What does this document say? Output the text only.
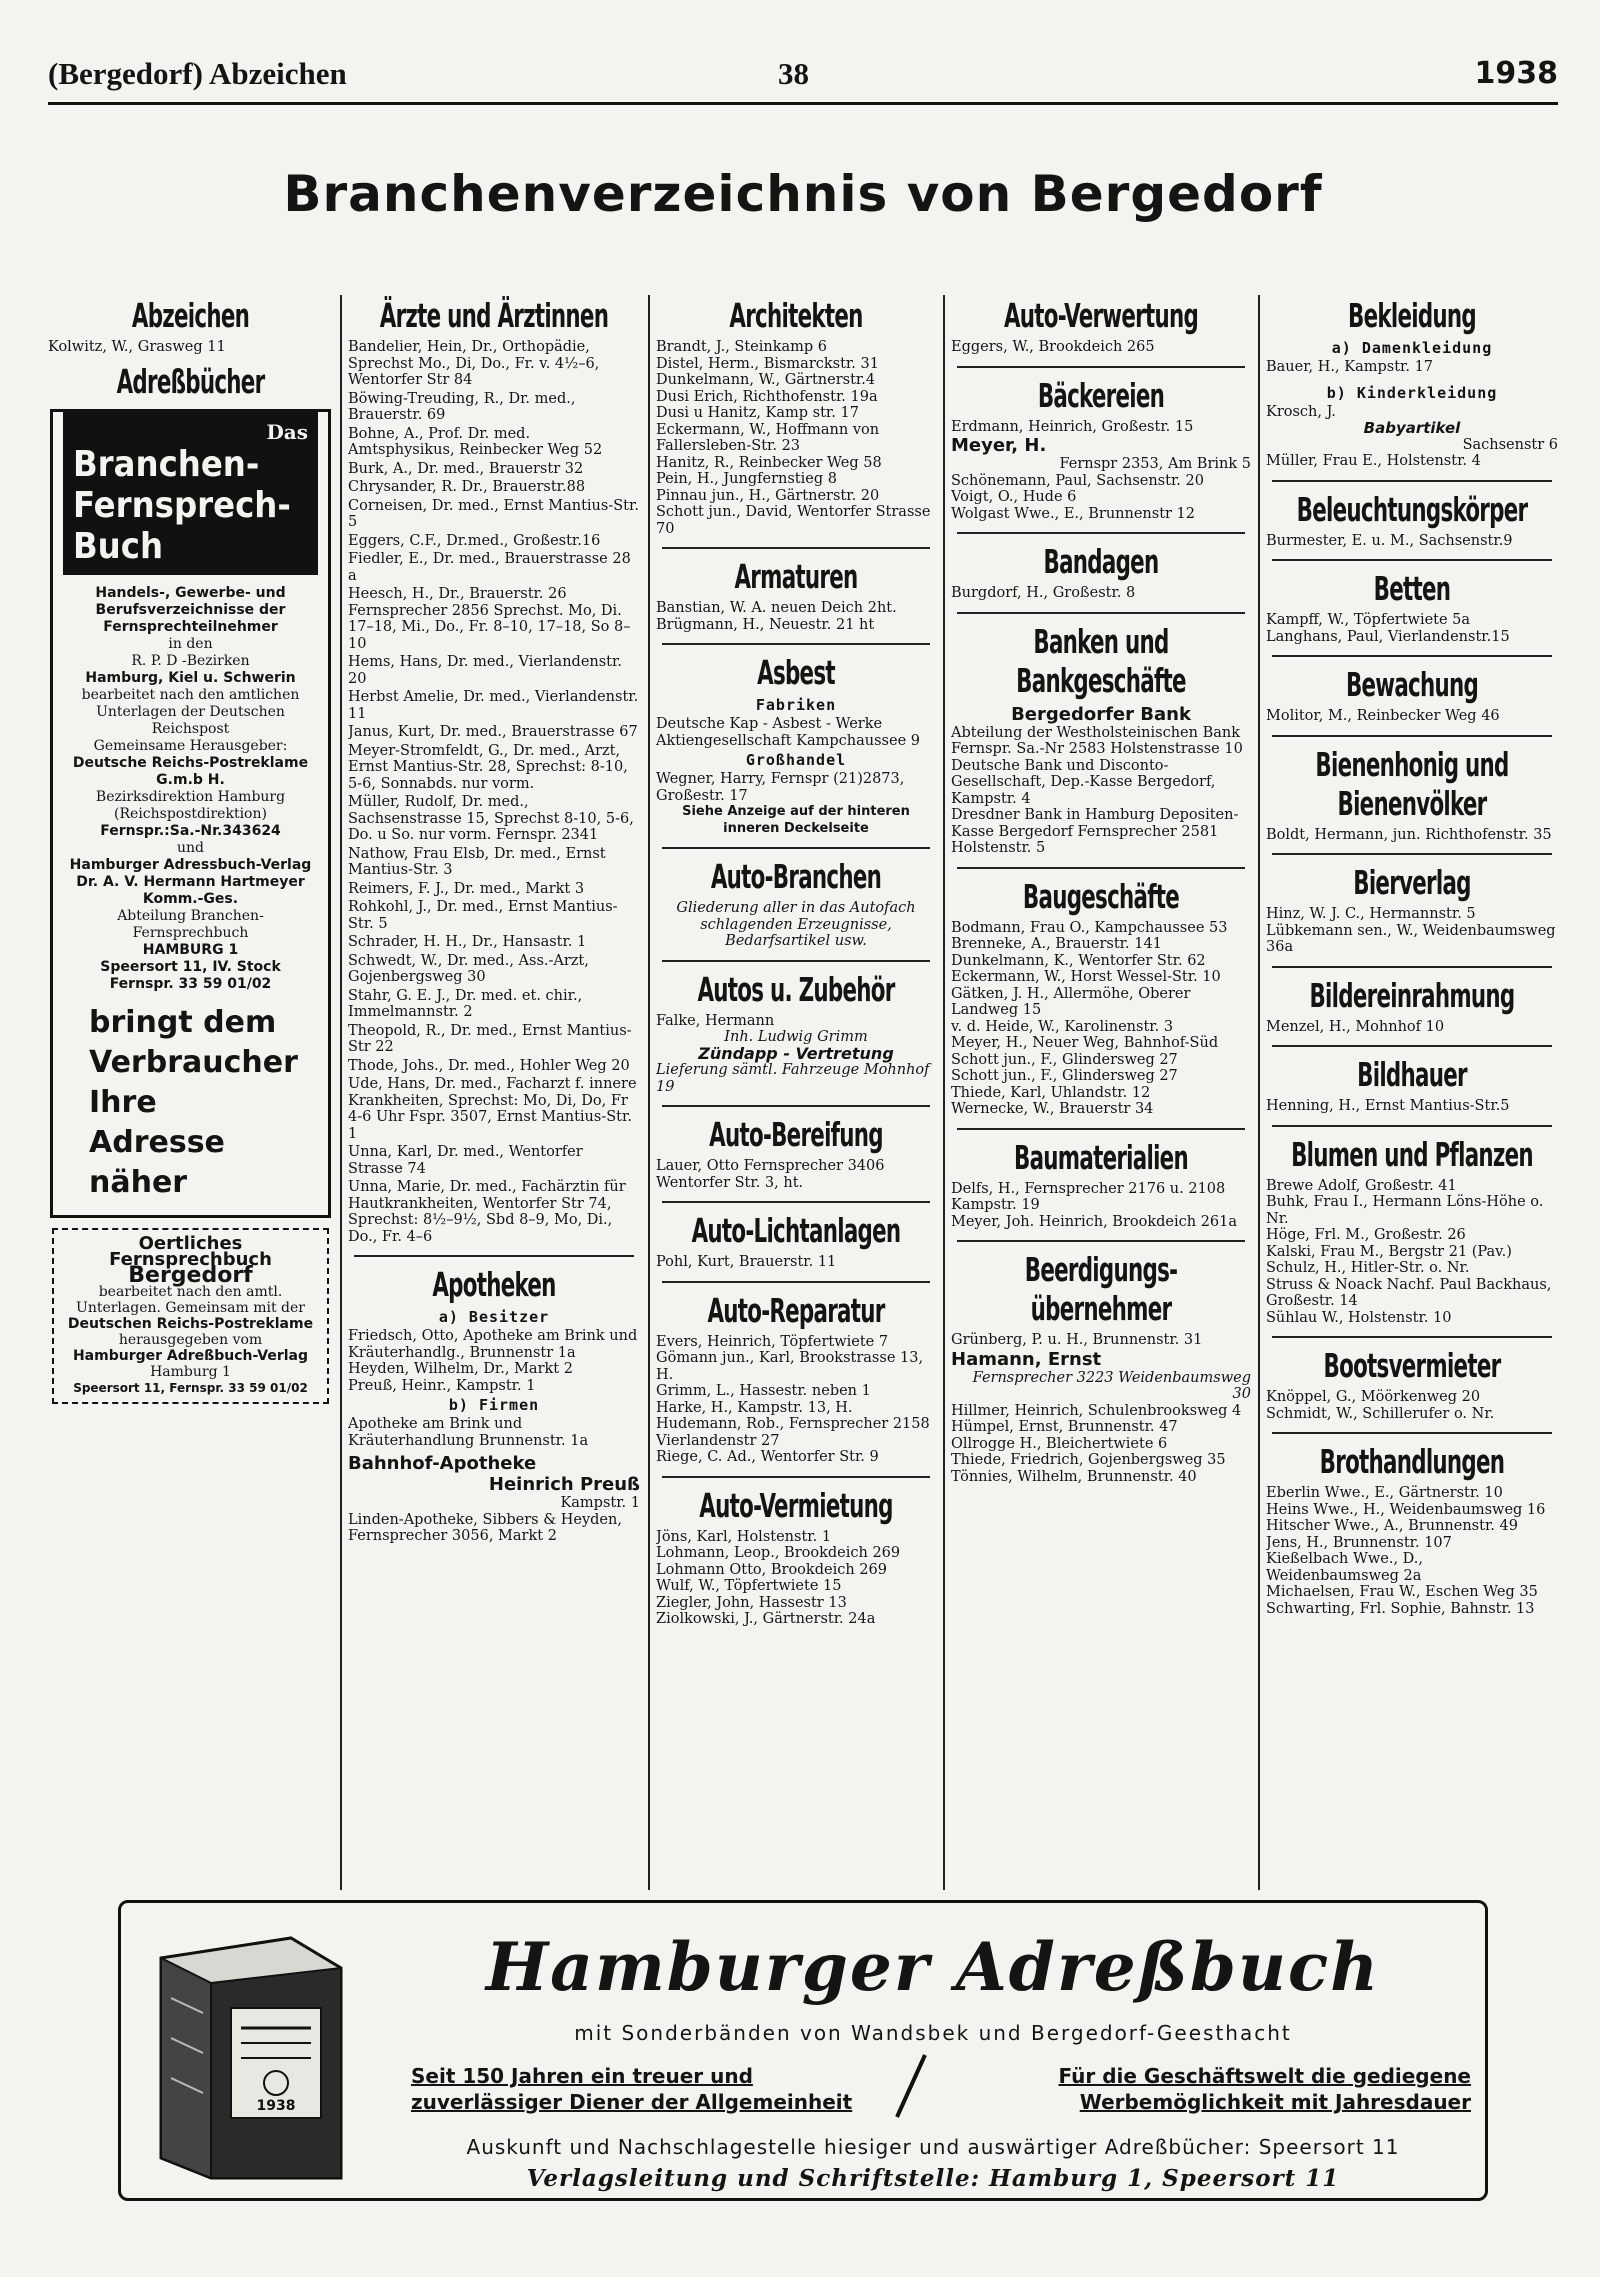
(Bergedorf) Abzeichen	38	1938
Branchenverzeichnis von Bergedorf
Abzeichen

Kolwitz, W., Grasweg 11

Adreßbücher
Das
Branchen-
Fernsprech-
Buch
Handels-, Gewerbe- und Berufsverzeichnisse der Fernsprechteilnehmer
in den
R. P. D -Bezirken
Hamburg, Kiel u. Schwerin
bearbeitet nach den amtlichen Unterlagen der Deutschen Reichspost
Gemeinsame Herausgeber:
Deutsche Reichs-Postreklame G.m.b H.
Bezirksdirektion Hamburg (Reichspostdirektion)
Fernspr.:Sa.-Nr.343624
und
Hamburger Adressbuch-Verlag
Dr. A. V. Hermann Hartmeyer Komm.-Ges.
Abteilung Branchen-Fernsprechbuch
HAMBURG 1
Speersort 11, IV. Stock
Fernspr. 33 59 01/02
bringt dem
Verbraucher
Ihre Adresse
näher
Oertliches Fernsprechbuch
Bergedorf
bearbeitet nach den amtl. Unterlagen. Gemeinsam mit der
Deutschen Reichs-Postreklame
herausgegeben vom
Hamburger Adreßbuch-Verlag
Hamburg 1
Speersort 11, Fernspr. 33 59 01/02
Ärzte und Ärztinnen

Bandelier, Hein, Dr., Orthopädie, Sprechst Mo., Di, Do., Fr. v. 4½–6, Wentorfer Str 84

Böwing-Treuding, R., Dr. med., Brauerstr. 69

Bohne, A., Prof. Dr. med. Amtsphysikus, Reinbecker Weg 52

Burk, A., Dr. med., Brauerstr 32

Chrysander, R. Dr., Brauerstr.88

Corneisen, Dr. med., Ernst Mantius-Str. 5

Eggers, C.F., Dr.med., Großestr.16

Fiedler, E., Dr. med., Brauerstrasse 28 a

Heesch, H., Dr., Brauerstr. 26 Fernsprecher 2856 Sprechst. Mo, Di. 17–18, Mi., Do., Fr. 8–10, 17–18, So 8–10

Hems, Hans, Dr. med., Vierlandenstr. 20

Herbst Amelie, Dr. med., Vierlandenstr. 11

Janus, Kurt, Dr. med., Brauerstrasse 67

Meyer-Stromfeldt, G., Dr. med., Arzt, Ernst Mantius-Str. 28, Sprechst: 8-10, 5-6, Sonnabds. nur vorm.

Müller, Rudolf, Dr. med., Sachsenstrasse 15, Sprechst 8-10, 5-6, Do. u So. nur vorm. Fernspr. 2341

Nathow, Frau Elsb, Dr. med., Ernst Mantius-Str. 3

Reimers, F. J., Dr. med., Markt 3

Rohkohl, J., Dr. med., Ernst Mantius-Str. 5

Schrader, H. H., Dr., Hansastr. 1

Schwedt, W., Dr. med., Ass.-Arzt, Gojenbergsweg 30

Stahr, G. E. J., Dr. med. et. chir., Immelmannstr. 2

Theopold, R., Dr. med., Ernst Mantius-Str 22

Thode, Johs., Dr. med., Hohler Weg 20

Ude, Hans, Dr. med., Facharzt f. innere Krankheiten, Sprechst: Mo, Di, Do, Fr 4-6 Uhr Fspr. 3507, Ernst Mantius-Str. 1

Unna, Karl, Dr. med., Wentorfer Strasse 74

Unna, Marie, Dr. med., Fachärztin für Hautkrankheiten, Wentorfer Str 74, Sprechst: 8½–9½, Sbd 8–9, Mo, Di., Do., Fr. 4–6

Apotheken
a) Besitzer

Friedsch, Otto, Apotheke am Brink und Kräuterhandlg., Brunnenstr 1a

Heyden, Wilhelm, Dr., Markt 2

Preuß, Heinr., Kampstr. 1

b) Firmen

Apotheke am Brink und Kräuterhandlung Brunnenstr. 1a

Bahnhof-Apotheke
Heinrich Preuß

Kampstr. 1

Linden-Apotheke, Sibbers & Heyden, Fernsprecher 3056, Markt 2

Architekten

Brandt, J., Steinkamp 6

Distel, Herm., Bismarckstr. 31

Dunkelmann, W., Gärtnerstr.4

Dusi Erich, Richthofenstr. 19a

Dusi u Hanitz, Kamp str. 17

Eckermann, W., Hoffmann von Fallersleben-Str. 23

Hanitz, R., Reinbecker Weg 58

Pein, H., Jungfernstieg 8

Pinnau jun., H., Gärtnerstr. 20

Schott jun., David, Wentorfer Strasse 70

Armaturen

Banstian, W. A. neuen Deich 2ht.

Brügmann, H., Neuestr. 21 ht

Asbest
Fabriken

Deutsche Kap - Asbest - Werke Aktiengesellschaft Kampchaussee 9

Großhandel

Wegner, Harry, Fernspr (21)2873, Großestr. 17

Siehe Anzeige auf der hinteren inneren Deckelseite

Auto-Branchen

Gliederung aller in das Autofach schlagenden Erzeugnisse, Bedarfsartikel usw.

Autos u. Zubehör

Falke, Hermann

Inh. Ludwig Grimm

Zündapp - Vertretung

Lieferung sämtl. Fahrzeuge Mohnhof 19

Auto-Bereifung

Lauer, Otto Fernsprecher 3406 Wentorfer Str. 3, ht.

Auto-Lichtanlagen

Pohl, Kurt, Brauerstr. 11

Auto-Reparatur

Evers, Heinrich, Töpfertwiete 7

Gömann jun., Karl, Brookstrasse 13, H.

Grimm, L., Hassestr. neben 1

Harke, H., Kampstr. 13, H.

Hudemann, Rob., Fernsprecher 2158 Vierlandenstr 27

Riege, C. Ad., Wentorfer Str. 9

Auto-Vermietung

Jöns, Karl, Holstenstr. 1

Lohmann, Leop., Brookdeich 269

Lohmann Otto, Brookdeich 269

Wulf, W., Töpfertwiete 15

Ziegler, John, Hassestr 13

Ziolkowski, J., Gärtnerstr. 24a

Auto-Verwertung

Eggers, W., Brookdeich 265

Bäckereien

Erdmann, Heinrich, Großestr. 15

Meyer, H.

Fernspr 2353, Am Brink 5

Schönemann, Paul, Sachsenstr. 20

Voigt, O., Hude 6

Wolgast Wwe., E., Brunnenstr 12

Bandagen

Burgdorf, H., Großestr. 8

Banken und
Bankgeschäfte
Bergedorfer Bank

Abteilung der Westholsteinischen Bank Fernspr. Sa.-Nr 2583 Holstenstrasse 10

Deutsche Bank und Disconto-Gesellschaft, Dep.-Kasse Bergedorf, Kampstr. 4

Dresdner Bank in Hamburg Depositen-Kasse Bergedorf Fernsprecher 2581 Holstenstr. 5

Baugeschäfte

Bodmann, Frau O., Kampchaussee 53

Brenneke, A., Brauerstr. 141

Dunkelmann, K., Wentorfer Str. 62

Eckermann, W., Horst Wessel-Str. 10

Gätken, J. H., Allermöhe, Oberer Landweg 15

v. d. Heide, W., Karolinenstr. 3

Meyer, H., Neuer Weg, Bahnhof-Süd

Schott jun., F., Glindersweg 27

Schott jun., F., Glindersweg 27

Thiede, Karl, Uhlandstr. 12

Wernecke, W., Brauerstr 34

Baumaterialien

Delfs, H., Fernsprecher 2176 u. 2108 Kampstr. 19

Meyer, Joh. Heinrich, Brookdeich 261a

Beerdigungs-
übernehmer

Grünberg, P. u. H., Brunnenstr. 31

Hamann, Ernst

Fernsprecher 3223 Weidenbaumsweg 30

Hillmer, Heinrich, Schulenbrooksweg 4

Hümpel, Ernst, Brunnenstr. 47

Ollrogge H., Bleichertwiete 6

Thiede, Friedrich, Gojenbergsweg 35

Tönnies, Wilhelm, Brunnenstr. 40

Bekleidung
a) Damenkleidung

Bauer, H., Kampstr. 17

b) Kinderkleidung

Krosch, J.

Babyartikel

Sachsenstr 6

Müller, Frau E., Holstenstr. 4

Beleuchtungskörper

Burmester, E. u. M., Sachsenstr.9

Betten

Kampff, W., Töpfertwiete 5a

Langhans, Paul, Vierlandenstr.15

Bewachung

Molitor, M., Reinbecker Weg 46

Bienenhonig und
Bienenvölker

Boldt, Hermann, jun. Richthofenstr. 35

Bierverlag

Hinz, W. J. C., Hermannstr. 5

Lübkemann sen., W., Weidenbaumsweg 36a

Bildereinrahmung

Menzel, H., Mohnhof 10

Bildhauer

Henning, H., Ernst Mantius-Str.5

Blumen und Pflanzen

Brewe Adolf, Großestr. 41

Buhk, Frau I., Hermann Löns-Höhe o. Nr.

Höge, Frl. M., Großestr. 26

Kalski, Frau M., Bergstr 21 (Pav.)

Schulz, H., Hitler-Str. o. Nr.

Struss & Noack Nachf. Paul Backhaus, Großestr. 14

Sühlau W., Holstenstr. 10

Bootsvermieter

Knöppel, G., Möörkenweg 20

Schmidt, W., Schillerufer o. Nr.

Brothandlungen

Eberlin Wwe., E., Gärtnerstr. 10

Heins Wwe., H., Weidenbaumsweg 16

Hitscher Wwe., A., Brunnenstr. 49

Jens, H., Brunnenstr. 107

Kießelbach Wwe., D., Weidenbaumsweg 2a

Michaelsen, Frau W., Eschen Weg 35

Schwarting, Frl. Sophie, Bahnstr. 13

1938
Hamburger Adreßbuch
mit Sonderbänden von Wandsbek und Bergedorf-Geesthacht
Seit 150 Jahren ein treuer und zuverlässiger Diener der Allgemeinheit
Für die Geschäftswelt die gediegene Werbemöglichkeit mit Jahresdauer
Auskunft und Nachschlagestelle hiesiger und auswärtiger Adreßbücher: Speersort 11
Verlagsleitung und Schriftstelle: Hamburg 1, Speersort 11
